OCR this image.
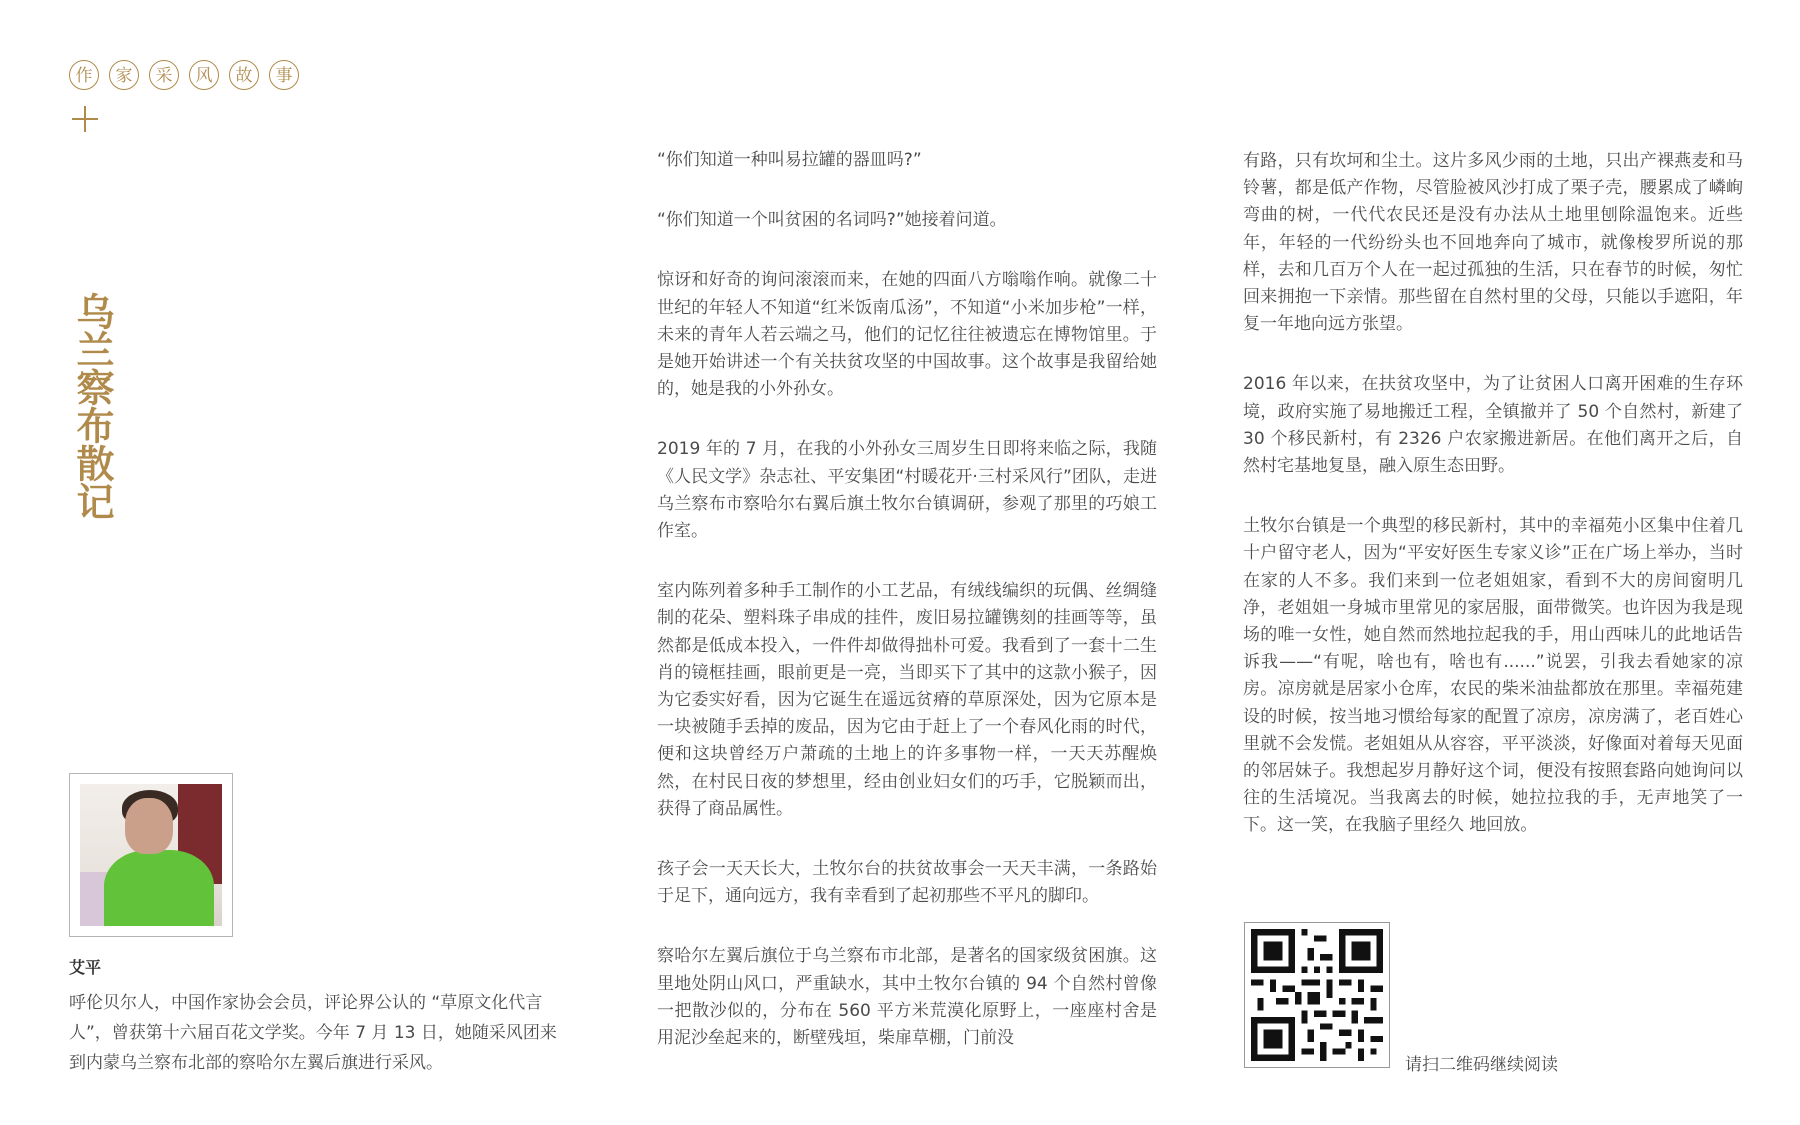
作	家	采	风	故	事
乌兰察布散记
艾平
呼伦贝尔人，中国作家协会会员，评论界公认的 “草原文化代言人”，曾获第十六届百花文学奖。今年 7 月 13 日，她随采风团来到内蒙乌兰察布北部的察哈尔左翼后旗进行采风。

“你们知道一种叫易拉罐的器皿吗?”

“你们知道一个叫贫困的名词吗?”她接着问道。

惊讶和好奇的询问滚滚而来，在她的四面八方嗡嗡作响。就像二十世纪的年轻人不知道“红米饭南瓜汤”，不知道“小米加步枪”一样，未来的青年人若云端之马，他们的记忆往往被遗忘在博物馆里。于是她开始讲述一个有关扶贫攻坚的中国故事。这个故事是我留给她的，她是我的小外孙女。

2019 年的 7 月，在我的小外孙女三周岁生日即将来临之际，我随《人民文学》杂志社、平安集团“村暖花开·三村采风行”团队，走进乌兰察布市察哈尔右翼后旗土牧尔台镇调研，参观了那里的巧娘工作室。

室内陈列着多种手工制作的小工艺品，有绒线编织的玩偶、丝绸缝制的花朵、塑料珠子串成的挂件，废旧易拉罐镌刻的挂画等等，虽然都是低成本投入，一件件却做得拙朴可爱。我看到了一套十二生肖的镜框挂画，眼前更是一亮，当即买下了其中的这款小猴子，因为它委实好看，因为它诞生在遥远贫瘠的草原深处，因为它原本是一块被随手丢掉的废品，因为它由于赶上了一个春风化雨的时代，便和这块曾经万户萧疏的土地上的许多事物一样，一天天苏醒焕然，在村民日夜的梦想里，经由创业妇女们的巧手，它脱颖而出，获得了商品属性。

孩子会一天天长大，土牧尔台的扶贫故事会一天天丰满，一条路始于足下，通向远方，我有幸看到了起初那些不平凡的脚印。

察哈尔左翼后旗位于乌兰察布市北部，是著名的国家级贫困旗。这里地处阴山风口，严重缺水，其中土牧尔台镇的 94 个自然村曾像一把散沙似的，分布在 560 平方米荒漠化原野上，一座座村舍是用泥沙垒起来的，断壁残垣，柴扉草棚，门前没

有路，只有坎坷和尘土。这片多风少雨的土地，只出产裸燕麦和马铃薯，都是低产作物，尽管脸被风沙打成了栗子壳，腰累成了嶙峋弯曲的树，一代代农民还是没有办法从土地里刨除温饱来。近些年，年轻的一代纷纷头也不回地奔向了城市，就像梭罗所说的那样，去和几百万个人在一起过孤独的生活，只在春节的时候，匆忙回来拥抱一下亲情。那些留在自然村里的父母，只能以手遮阳，年复一年地向远方张望。

2016 年以来，在扶贫攻坚中，为了让贫困人口离开困难的生存环境，政府实施了易地搬迁工程，全镇撤并了 50 个自然村，新建了 30 个移民新村，有 2326 户农家搬进新居。在他们离开之后，自然村宅基地复垦，融入原生态田野。

土牧尔台镇是一个典型的移民新村，其中的幸福苑小区集中住着几十户留守老人，因为“平安好医生专家义诊”正在广场上举办，当时在家的人不多。我们来到一位老姐姐家，看到不大的房间窗明几净，老姐姐一身城市里常见的家居服，面带微笑。也许因为我是现场的唯一女性，她自然而然地拉起我的手，用山西味儿的此地话告诉我——“有呢，啥也有，啥也有......”说罢，引我去看她家的凉房。凉房就是居家小仓库，农民的柴米油盐都放在那里。幸福苑建设的时候，按当地习惯给每家的配置了凉房，凉房满了，老百姓心里就不会发慌。老姐姐从从容容，平平淡淡，好像面对着每天见面的邻居妹子。我想起岁月静好这个词，便没有按照套路向她询问以往的生活境况。当我离去的时候，她拉拉我的手，无声地笑了一下。这一笑，在我脑子里经久 地回放。

请扫二维码继续阅读
